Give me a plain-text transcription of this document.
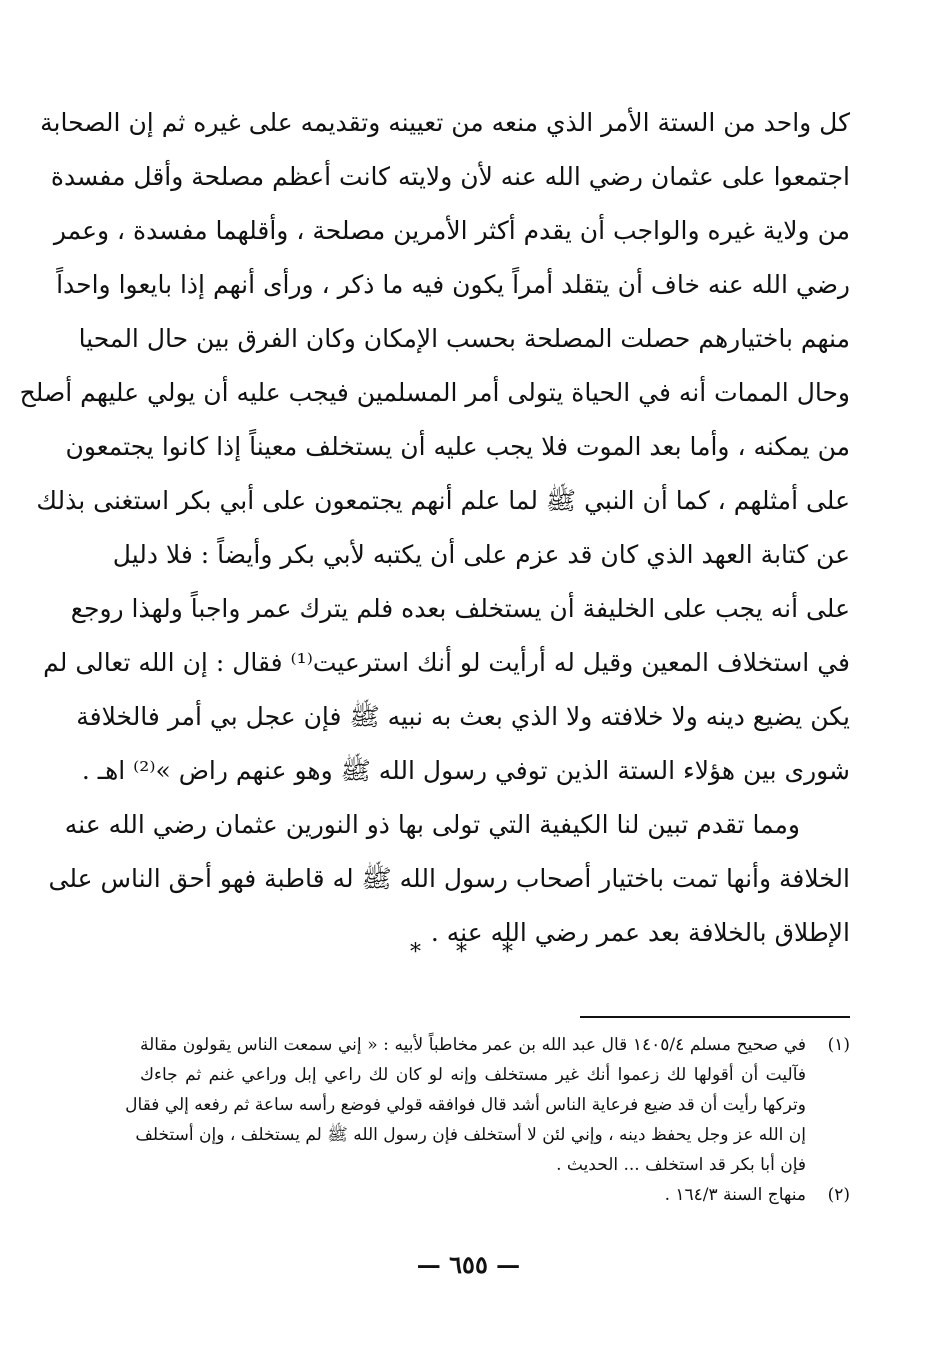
كل واحد من الستة الأمر الذي منعه من تعيينه وتقديمه على غيره ثم إن الصحابة
اجتمعوا على عثمان رضي الله عنه لأن ولايته كانت أعظم مصلحة وأقل مفسدة
من ولاية غيره والواجب أن يقدم أكثر الأمرين مصلحة ، وأقلهما مفسدة ، وعمر
رضي الله عنه خاف أن يتقلد أمراً يكون فيه ما ذكر ، ورأى أنهم إذا بايعوا واحداً
منهم باختيارهم حصلت المصلحة بحسب الإمكان وكان الفرق بين حال المحيا
وحال الممات أنه في الحياة يتولى أمر المسلمين فيجب عليه أن يولي عليهم أصلح
من يمكنه ، وأما بعد الموت فلا يجب عليه أن يستخلف معيناً إذا كانوا يجتمعون
على أمثلهم ، كما أن النبي ﷺ لما علم أنهم يجتمعون على أبي بكر استغنى بذلك
عن كتابة العهد الذي كان قد عزم على أن يكتبه لأبي بكر وأيضاً : فلا دليل
على أنه يجب على الخليفة أن يستخلف بعده فلم يترك عمر واجباً ولهذا روجع
في استخلاف المعين وقيل له أرأيت لو أنك استرعيت⁽¹⁾ فقال : إن الله تعالى لم
يكن يضيع دينه ولا خلافته ولا الذي بعث به نبيه ﷺ فإن عجل بي أمر فالخلافة
شورى بين هؤلاء الستة الذين توفي رسول الله ﷺ وهو عنهم راض »⁽²⁾ اهـ .
ومما تقدم تبين لنا الكيفية التي تولى بها ذو النورين عثمان رضي الله عنه
الخلافة وأنها تمت باختيار أصحاب رسول الله ﷺ له قاطبة فهو أحق الناس على
الإطلاق بالخلافة بعد عمر رضي الله عنه .
* * *
(١)
في صحيح مسلم ١٤٠٥/٤ قال عبد الله بن عمر مخاطباً لأبيه : « إني سمعت الناس يقولون مقالة
فآليت أن أقولها لك زعموا أنك غير مستخلف وإنه لو كان لك راعي إبل وراعي غنم ثم جاءك
وتركها رأيت أن قد ضيع فرعاية الناس أشد قال فوافقه قولي فوضع رأسه ساعة ثم رفعه إلي فقال
إن الله عز وجل يحفظ دينه ، وإني لئن لا أستخلف فإن رسول الله ﷺ لم يستخلف ، وإن أستخلف
فإن أبا بكر قد استخلف ... الحديث .
(٢)
منهاج السنة ١٦٤/٣ .
— ٦٥٥ —
